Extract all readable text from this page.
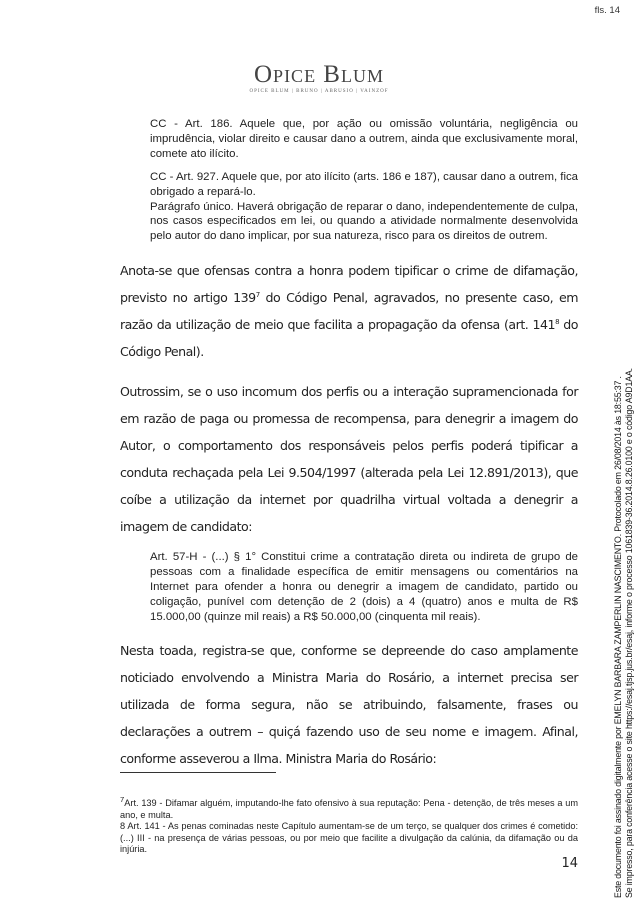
fls. 14
Opice Blum
OPICE BLUM | BRUNO | ABRUSIO | VAINZOF

CC - Art. 186. Aquele que, por ação ou omissão voluntária, negligência ou imprudência, violar direito e causar dano a outrem, ainda que exclusivamente moral, comete ato ilícito.

CC - Art. 927. Aquele que, por ato ilícito (arts. 186 e 187), causar dano a outrem, fica obrigado a repará-lo.

Parágrafo único. Haverá obrigação de reparar o dano, independentemente de culpa, nos casos especificados em lei, ou quando a atividade normalmente desenvolvida pelo autor do dano implicar, por sua natureza, risco para os direitos de outrem.

Anota-se que ofensas contra a honra podem tipificar o crime de difamação, previsto no artigo $139^7$ do Código Penal, agravados, no presente caso, em razão da utilização de meio que facilita a propagação da ofensa (art. $141^8$ do Código Penal).

Outrossim, se o uso incomum dos perfis ou a interação supramencionada for em razão de paga ou promessa de recompensa, para denegrir a imagem do Autor, o comportamento dos responsáveis pelos perfis poderá tipificar a conduta rechaçada pela Lei 9.504/1997 (alterada pela Lei 12.891/2013), que coíbe a utilização da internet por quadrilha virtual voltada a denegrir a imagem de candidato:

Art. 57-H - (...) § 1° Constitui crime a contratação direta ou indireta de grupo de pessoas com a finalidade específica de emitir mensagens ou comentários na Internet para ofender a honra ou denegrir a imagem de candidato, partido ou coligação, punível com detenção de 2 (dois) a 4 (quatro) anos e multa de R$ 15.000,00 (quinze mil reais) a R$ 50.000,00 (cinquenta mil reais).

Nesta toada, registra-se que, conforme se depreende do caso amplamente noticiado envolvendo a Ministra Maria do Rosário, a internet precisa ser utilizada de forma segura, não se atribuindo, falsamente, frases ou declarações a outrem – quiçá fazendo uso de seu nome e imagem. Afinal, conforme asseverou a Ilma. Ministra Maria do Rosário:

$^7$Art. 139 - Difamar alguém, imputando-lhe fato ofensivo à sua reputação: Pena - detenção, de três meses a um ano, e multa.

8 Art. 141 - As penas cominadas neste Capítulo aumentam-se de um terço, se qualquer dos crimes é cometido: (...) III - na presença de várias pessoas, ou por meio que facilite a divulgação da calúnia, da difamação ou da injúria.

14	Este documento foi assinado digitalmente por EMELYN BARBARA ZAMPERLIN NASCIMENTO. Protocolado em 26/08/2014 às 18:55:37 . Se impresso, para conferência acesse o site https://esaj.tjsp.jus.br/esaj, informe o processo 1061839-36.2014.8.26.0100 e o código A9D1AA.
